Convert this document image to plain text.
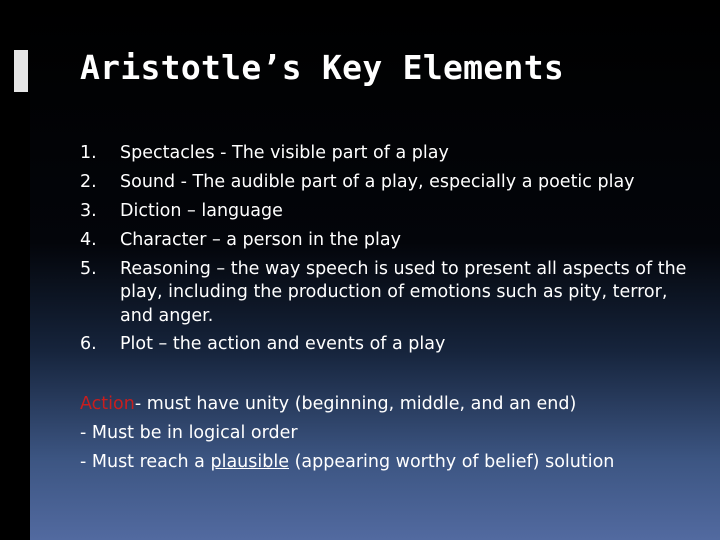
Aristotle’s Key Elements
1.	Spectacles - The visible part of a play
2.	Sound - The audible part of a play, especially a poetic play
3.	Diction – language
4.	Character – a person in the play
5.	Reasoning – the way speech is used to present all aspects of the play, including the production of emotions such as pity, terror, and anger.
6.	Plot – the action and events of a play
Action- must have unity (beginning, middle, and an end)
- Must be in logical order
- Must reach a plausible (appearing worthy of belief) solution
